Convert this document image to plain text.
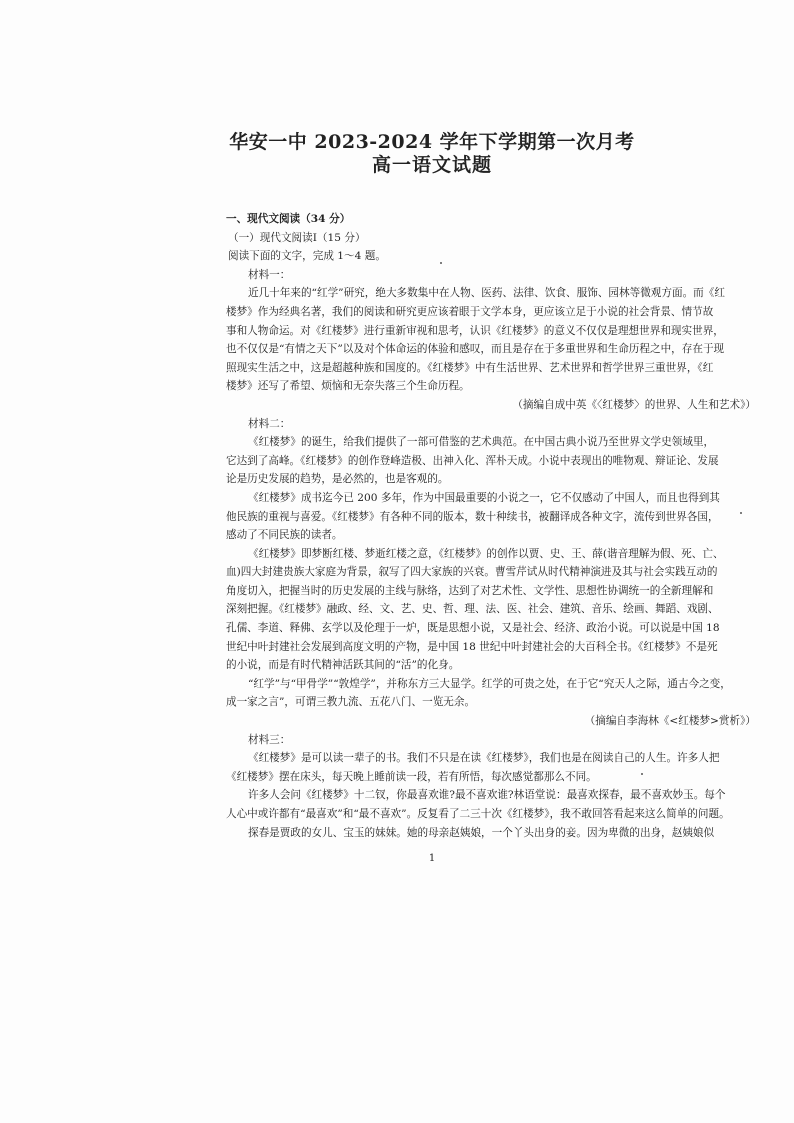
华安一中 2023-2024 学年下学期第一次月考
高一语文试题
一、现代文阅读（34 分）
（一）现代文阅读Ⅰ（15 分）
阅读下面的文字，完成 1～4 题。
材料一：
近几十年来的“红学”研究，绝大多数集中在人物、医药、法律、饮食、服饰、园林等微观方面。而《红
楼梦》作为经典名著，我们的阅读和研究更应该着眼于文学本身，更应该立足于小说的社会背景、情节故
事和人物命运。对《红楼梦》进行重新审视和思考，认识《红楼梦》的意义不仅仅是理想世界和现实世界，
也不仅仅是“有情之天下”以及对个体命运的体验和感叹，而且是存在于多重世界和生命历程之中，存在于现
照现实生活之中，这是超越种族和国度的。《红楼梦》中有生活世界、艺术世界和哲学世界三重世界，《红
楼梦》还写了希望、烦恼和无奈失落三个生命历程。
（摘编自成中英《〈红楼梦〉的世界、人生和艺术》）
材料二：
《红楼梦》的诞生，给我们提供了一部可借鉴的艺术典范。在中国古典小说乃至世界文学史领域里，
它达到了高峰。《红楼梦》的创作登峰造极、出神入化、浑朴天成。小说中表现出的唯物观、辩证论、发展
论是历史发展的趋势，是必然的，也是客观的。
《红楼梦》成书迄今已 200 多年，作为中国最重要的小说之一，它不仅感动了中国人，而且也得到其
他民族的重视与喜爱。《红楼梦》有各种不同的版本，数十种续书，被翻译成各种文字，流传到世界各国，
感动了不同民族的读者。
《红楼梦》即梦断红楼、梦逝红楼之意，《红楼梦》的创作以贾、史、王、薛(谐音理解为假、死、亡、
血)四大封建贵族大家庭为背景，叙写了四大家族的兴衰。曹雪芹试从时代精神演进及其与社会实践互动的
角度切入，把握当时的历史发展的主线与脉络，达到了对艺术性、文学性、思想性协调统一的全新理解和
深刻把握。《红楼梦》融政、经、文、艺、史、哲、理、法、医、社会、建筑、音乐、绘画、舞蹈、戏剧、
孔儒、李道、释佛、玄学以及伦理于一炉，既是思想小说，又是社会、经济、政治小说。可以说是中国 18
世纪中叶封建社会发展到高度文明的产物，是中国 18 世纪中叶封建社会的大百科全书。《红楼梦》不是死
的小说，而是有时代精神活跃其间的“活”的化身。
“红学”与“甲骨学”“敦煌学”，并称东方三大显学。红学的可贵之处，在于它“究天人之际，通古今之变，
成一家之言”，可谓三教九流、五花八门、一览无余。
（摘编自李海林《<红楼梦>赏析》）
材料三：
《红楼梦》是可以读一辈子的书。我们不只是在读《红楼梦》，我们也是在阅读自己的人生。许多人把
《红楼梦》摆在床头，每天晚上睡前读一段，若有所悟，每次感觉都那么不同。
许多人会问《红楼梦》十二钗，你最喜欢谁?最不喜欢谁?林语堂说：最喜欢探春，最不喜欢妙玉。每个
人心中或许都有“最喜欢”和“最不喜欢”。反复看了二三十次《红楼梦》，我不敢回答看起来这么简单的问题。
探春是贾政的女儿、宝玉的妹妹。她的母亲赵姨娘，一个丫头出身的妾。因为卑微的出身，赵姨娘似
1
